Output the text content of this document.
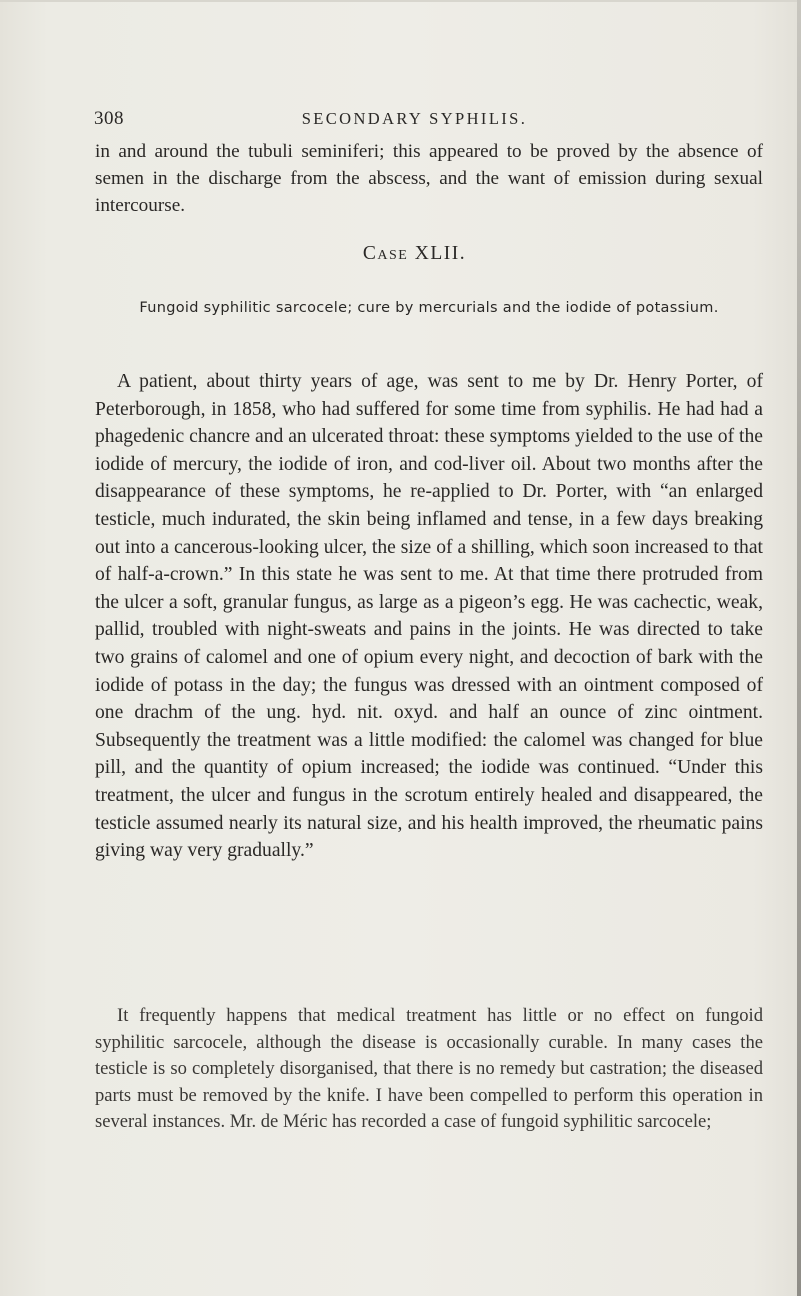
308	SECONDARY SYPHILIS.

in and around the tubuli seminiferi; this appeared to be proved by the absence of semen in the discharge from the abscess, and the want of emission during sexual intercourse.

Case XLII.
Fungoid syphilitic sarcocele; cure by mercurials and the iodide of potassium.

A patient, about thirty years of age, was sent to me by Dr. Henry Porter, of Peterborough, in 1858, who had suffered for some time from syphilis. He had had a phagedenic chancre and an ulcerated throat: these symptoms yielded to the use of the iodide of mercury, the iodide of iron, and cod-liver oil. About two months after the disappearance of these symptoms, he re-applied to Dr. Porter, with “an enlarged testicle, much indurated, the skin being inflamed and tense, in a few days breaking out into a cancerous-looking ulcer, the size of a shilling, which soon increased to that of half-a-crown.” In this state he was sent to me. At that time there protruded from the ulcer a soft, granular fungus, as large as a pigeon’s egg. He was cachectic, weak, pallid, troubled with night-sweats and pains in the joints. He was directed to take two grains of calomel and one of opium every night, and decoction of bark with the iodide of potass in the day; the fungus was dressed with an ointment composed of one drachm of the ung. hyd. nit. oxyd. and half an ounce of zinc ointment. Subsequently the treatment was a little modified: the calomel was changed for blue pill, and the quantity of opium increased; the iodide was continued. “Under this treatment, the ulcer and fungus in the scrotum entirely healed and disappeared, the testicle assumed nearly its natural size, and his health improved, the rheumatic pains giving way very gradually.”

It frequently happens that medical treatment has little or no effect on fungoid syphilitic sarcocele, although the disease is occasionally curable. In many cases the testicle is so completely disorganised, that there is no remedy but castration; the diseased parts must be removed by the knife. I have been compelled to perform this operation in several instances. Mr. de Méric has recorded a case of fungoid syphilitic sarcocele;
